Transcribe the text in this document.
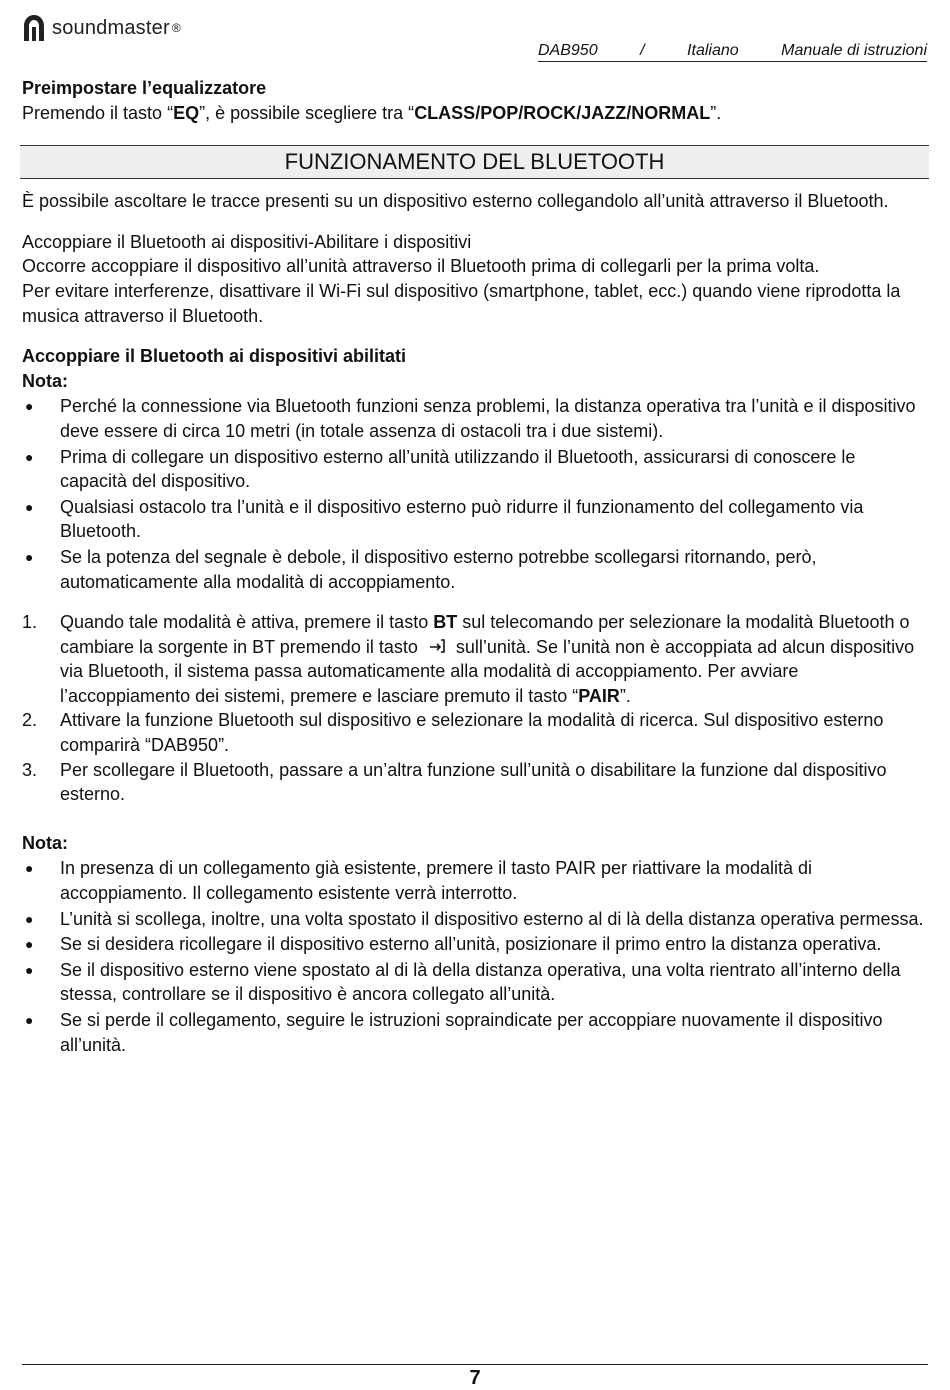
soundmaster ®
DAB950	/	Italiano	Manuale di istruzioni

Preimpostare l’equalizzatore

Premendo il tasto “EQ”, è possibile scegliere tra “CLASS/POP/ROCK/JAZZ/NORMAL”.

FUNZIONAMENTO DEL BLUETOOTH

È possibile ascoltare le tracce presenti su un dispositivo esterno collegandolo all’unità attraverso il Bluetooth.

Accoppiare il Bluetooth ai dispositivi-Abilitare i dispositivi

Occorre accoppiare il dispositivo all’unità attraverso il Bluetooth prima di collegarli per la prima volta.

Per evitare interferenze, disattivare il Wi-Fi sul dispositivo (smartphone, tablet, ecc.) quando viene riprodotta la musica attraverso il Bluetooth.

Accoppiare il Bluetooth ai dispositivi abilitati

Nota:

● Perché la connessione via Bluetooth funzioni senza problemi, la distanza operativa tra l’unità e il dispositivo deve essere di circa 10 metri (in totale assenza di ostacoli tra i due sistemi).
● Prima di collegare un dispositivo esterno all’unità utilizzando il Bluetooth, assicurarsi di conoscere le capacità del dispositivo.
● Qualsiasi ostacolo tra l’unità e il dispositivo esterno può ridurre il funzionamento del collegamento via Bluetooth.
● Se la potenza del segnale è debole, il dispositivo esterno potrebbe scollegarsi ritornando, però, automaticamente alla modalità di accoppiamento.
1. Quando tale modalità è attiva, premere il tasto BT sul telecomando per selezionare la modalità Bluetooth o cambiare la sorgente in BT premendo il tasto sull’unità. Se l’unità non è accoppiata ad alcun dispositivo via Bluetooth, il sistema passa automaticamente alla modalità di accoppiamento. Per avviare l’accoppiamento dei sistemi, premere e lasciare premuto il tasto “PAIR”.
2. Attivare la funzione Bluetooth sul dispositivo e selezionare la modalità di ricerca. Sul dispositivo esterno comparirà “DAB950”.
3. Per scollegare il Bluetooth, passare a un’altra funzione sull’unità o disabilitare la funzione dal dispositivo esterno.

Nota:

● In presenza di un collegamento già esistente, premere il tasto PAIR per riattivare la modalità di accoppiamento. Il collegamento esistente verrà interrotto.
● L’unità si scollega, inoltre, una volta spostato il dispositivo esterno al di là della distanza operativa permessa.
● Se si desidera ricollegare il dispositivo esterno all’unità, posizionare il primo entro la distanza operativa.
● Se il dispositivo esterno viene spostato al di là della distanza operativa, una volta rientrato all’interno della stessa, controllare se il dispositivo è ancora collegato all’unità.
● Se si perde il collegamento, seguire le istruzioni sopraindicate per accoppiare nuovamente il dispositivo all’unità.
7
